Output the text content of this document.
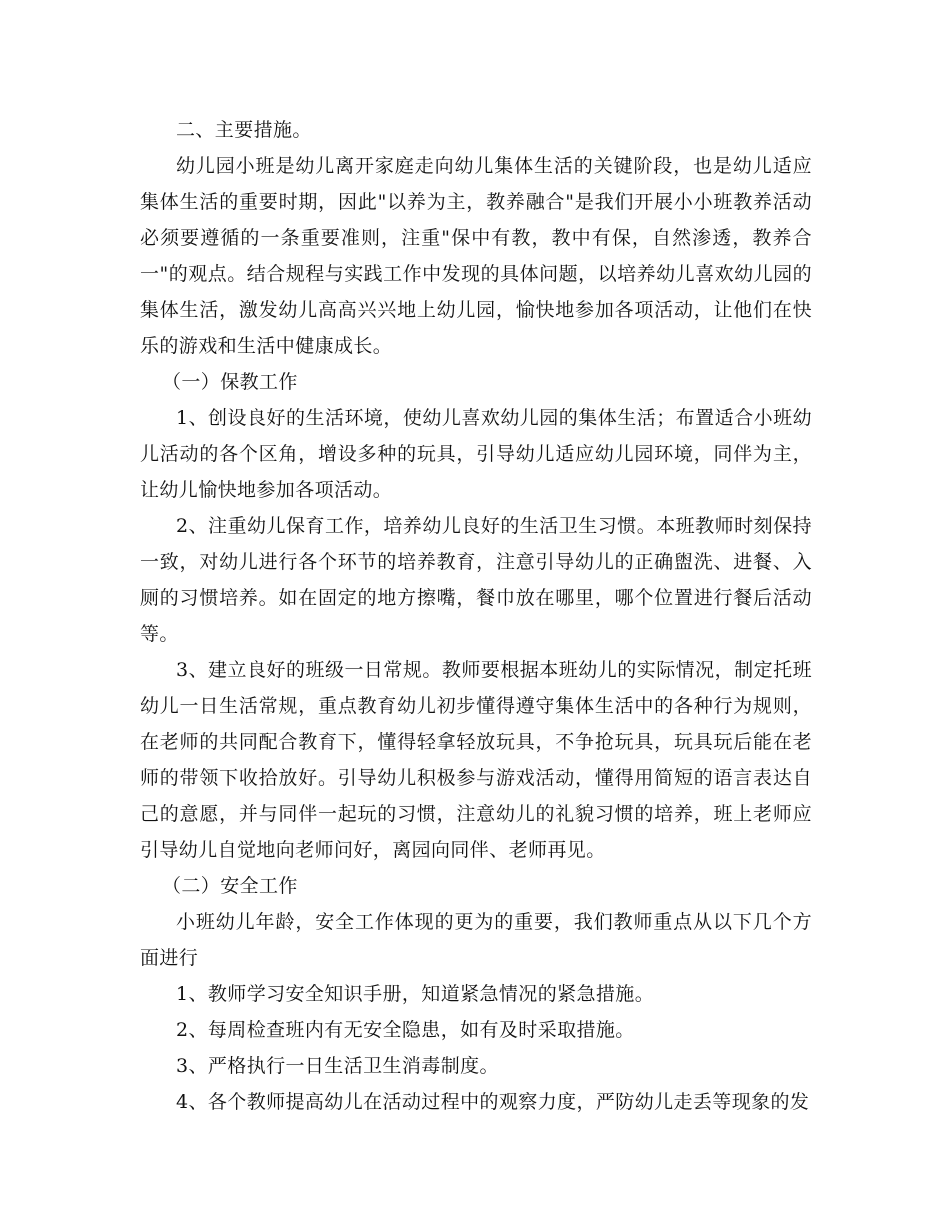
二、主要措施。

幼儿园小班是幼儿离开家庭走向幼儿集体生活的关键阶段，也是幼儿适应集体生活的重要时期，因此"以养为主，教养融合"是我们开展小小班教养活动必须要遵循的一条重要准则，注重"保中有教，教中有保，自然渗透，教养合一"的观点。结合规程与实践工作中发现的具体问题，以培养幼儿喜欢幼儿园的集体生活，激发幼儿高高兴兴地上幼儿园，愉快地参加各项活动，让他们在快乐的游戏和生活中健康成长。

（一）保教工作

1、创设良好的生活环境，使幼儿喜欢幼儿园的集体生活；布置适合小班幼儿活动的各个区角，增设多种的玩具，引导幼儿适应幼儿园环境，同伴为主，让幼儿愉快地参加各项活动。

2、注重幼儿保育工作，培养幼儿良好的生活卫生习惯。本班教师时刻保持一致，对幼儿进行各个环节的培养教育，注意引导幼儿的正确盥洗、进餐、入厕的习惯培养。如在固定的地方擦嘴，餐巾放在哪里，哪个位置进行餐后活动等。

3、建立良好的班级一日常规。教师要根据本班幼儿的实际情况，制定托班幼儿一日生活常规，重点教育幼儿初步懂得遵守集体生活中的各种行为规则，在老师的共同配合教育下，懂得轻拿轻放玩具，不争抢玩具，玩具玩后能在老师的带领下收拾放好。引导幼儿积极参与游戏活动，懂得用简短的语言表达自己的意愿，并与同伴一起玩的习惯，注意幼儿的礼貌习惯的培养，班上老师应引导幼儿自觉地向老师问好，离园向同伴、老师再见。

（二）安全工作

小班幼儿年龄，安全工作体现的更为的重要，我们教师重点从以下几个方面进行

1、教师学习安全知识手册，知道紧急情况的紧急措施。

2、每周检查班内有无安全隐患，如有及时采取措施。

3、严格执行一日生活卫生消毒制度。

4、各个教师提高幼儿在活动过程中的观察力度，严防幼儿走丢等现象的发
